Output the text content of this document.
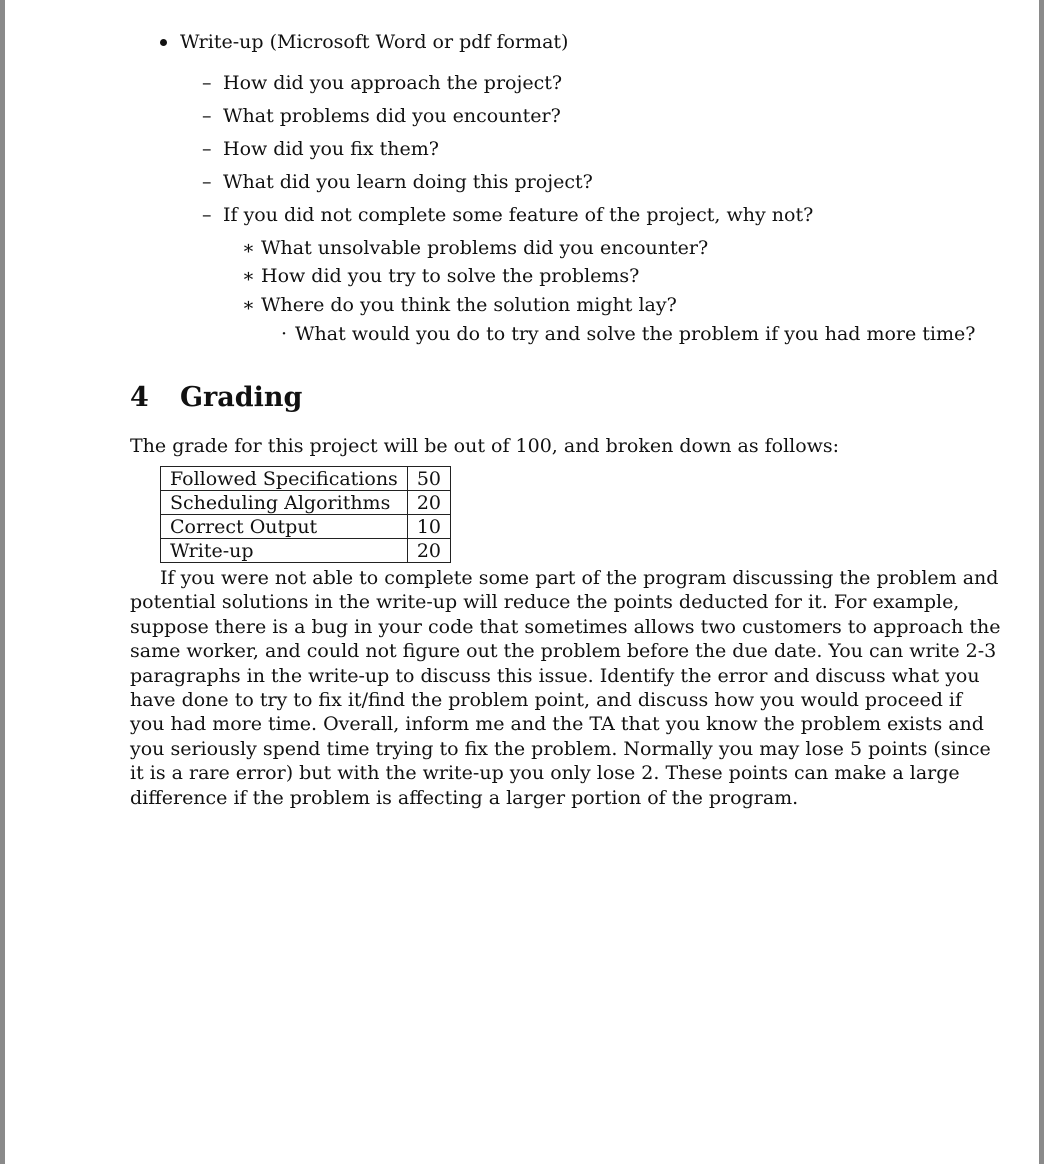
Write-up (Microsoft Word or pdf format)
– How did you approach the project?
– What problems did you encounter?
– How did you fix them?
– What did you learn doing this project?
– If you did not complete some feature of the project, why not?
∗ What unsolvable problems did you encounter?
∗ How did you try to solve the problems?
∗ Where do you think the solution might lay?
· What would you do to try and solve the problem if you had more time?
4 Grading
The grade for this project will be out of 100, and broken down as follows:
Followed Specifications	50
Scheduling Algorithms	20
Correct Output	10
Write-up	20
If you were not able to complete some part of the program discussing the problem and
potential solutions in the write-up will reduce the points deducted for it. For example,
suppose there is a bug in your code that sometimes allows two customers to approach the
same worker, and could not figure out the problem before the due date. You can write 2-3
paragraphs in the write-up to discuss this issue. Identify the error and discuss what you
have done to try to fix it/find the problem point, and discuss how you would proceed if
you had more time. Overall, inform me and the TA that you know the problem exists and
you seriously spend time trying to fix the problem. Normally you may lose 5 points (since
it is a rare error) but with the write-up you only lose 2. These points can make a large
difference if the problem is affecting a larger portion of the program.
